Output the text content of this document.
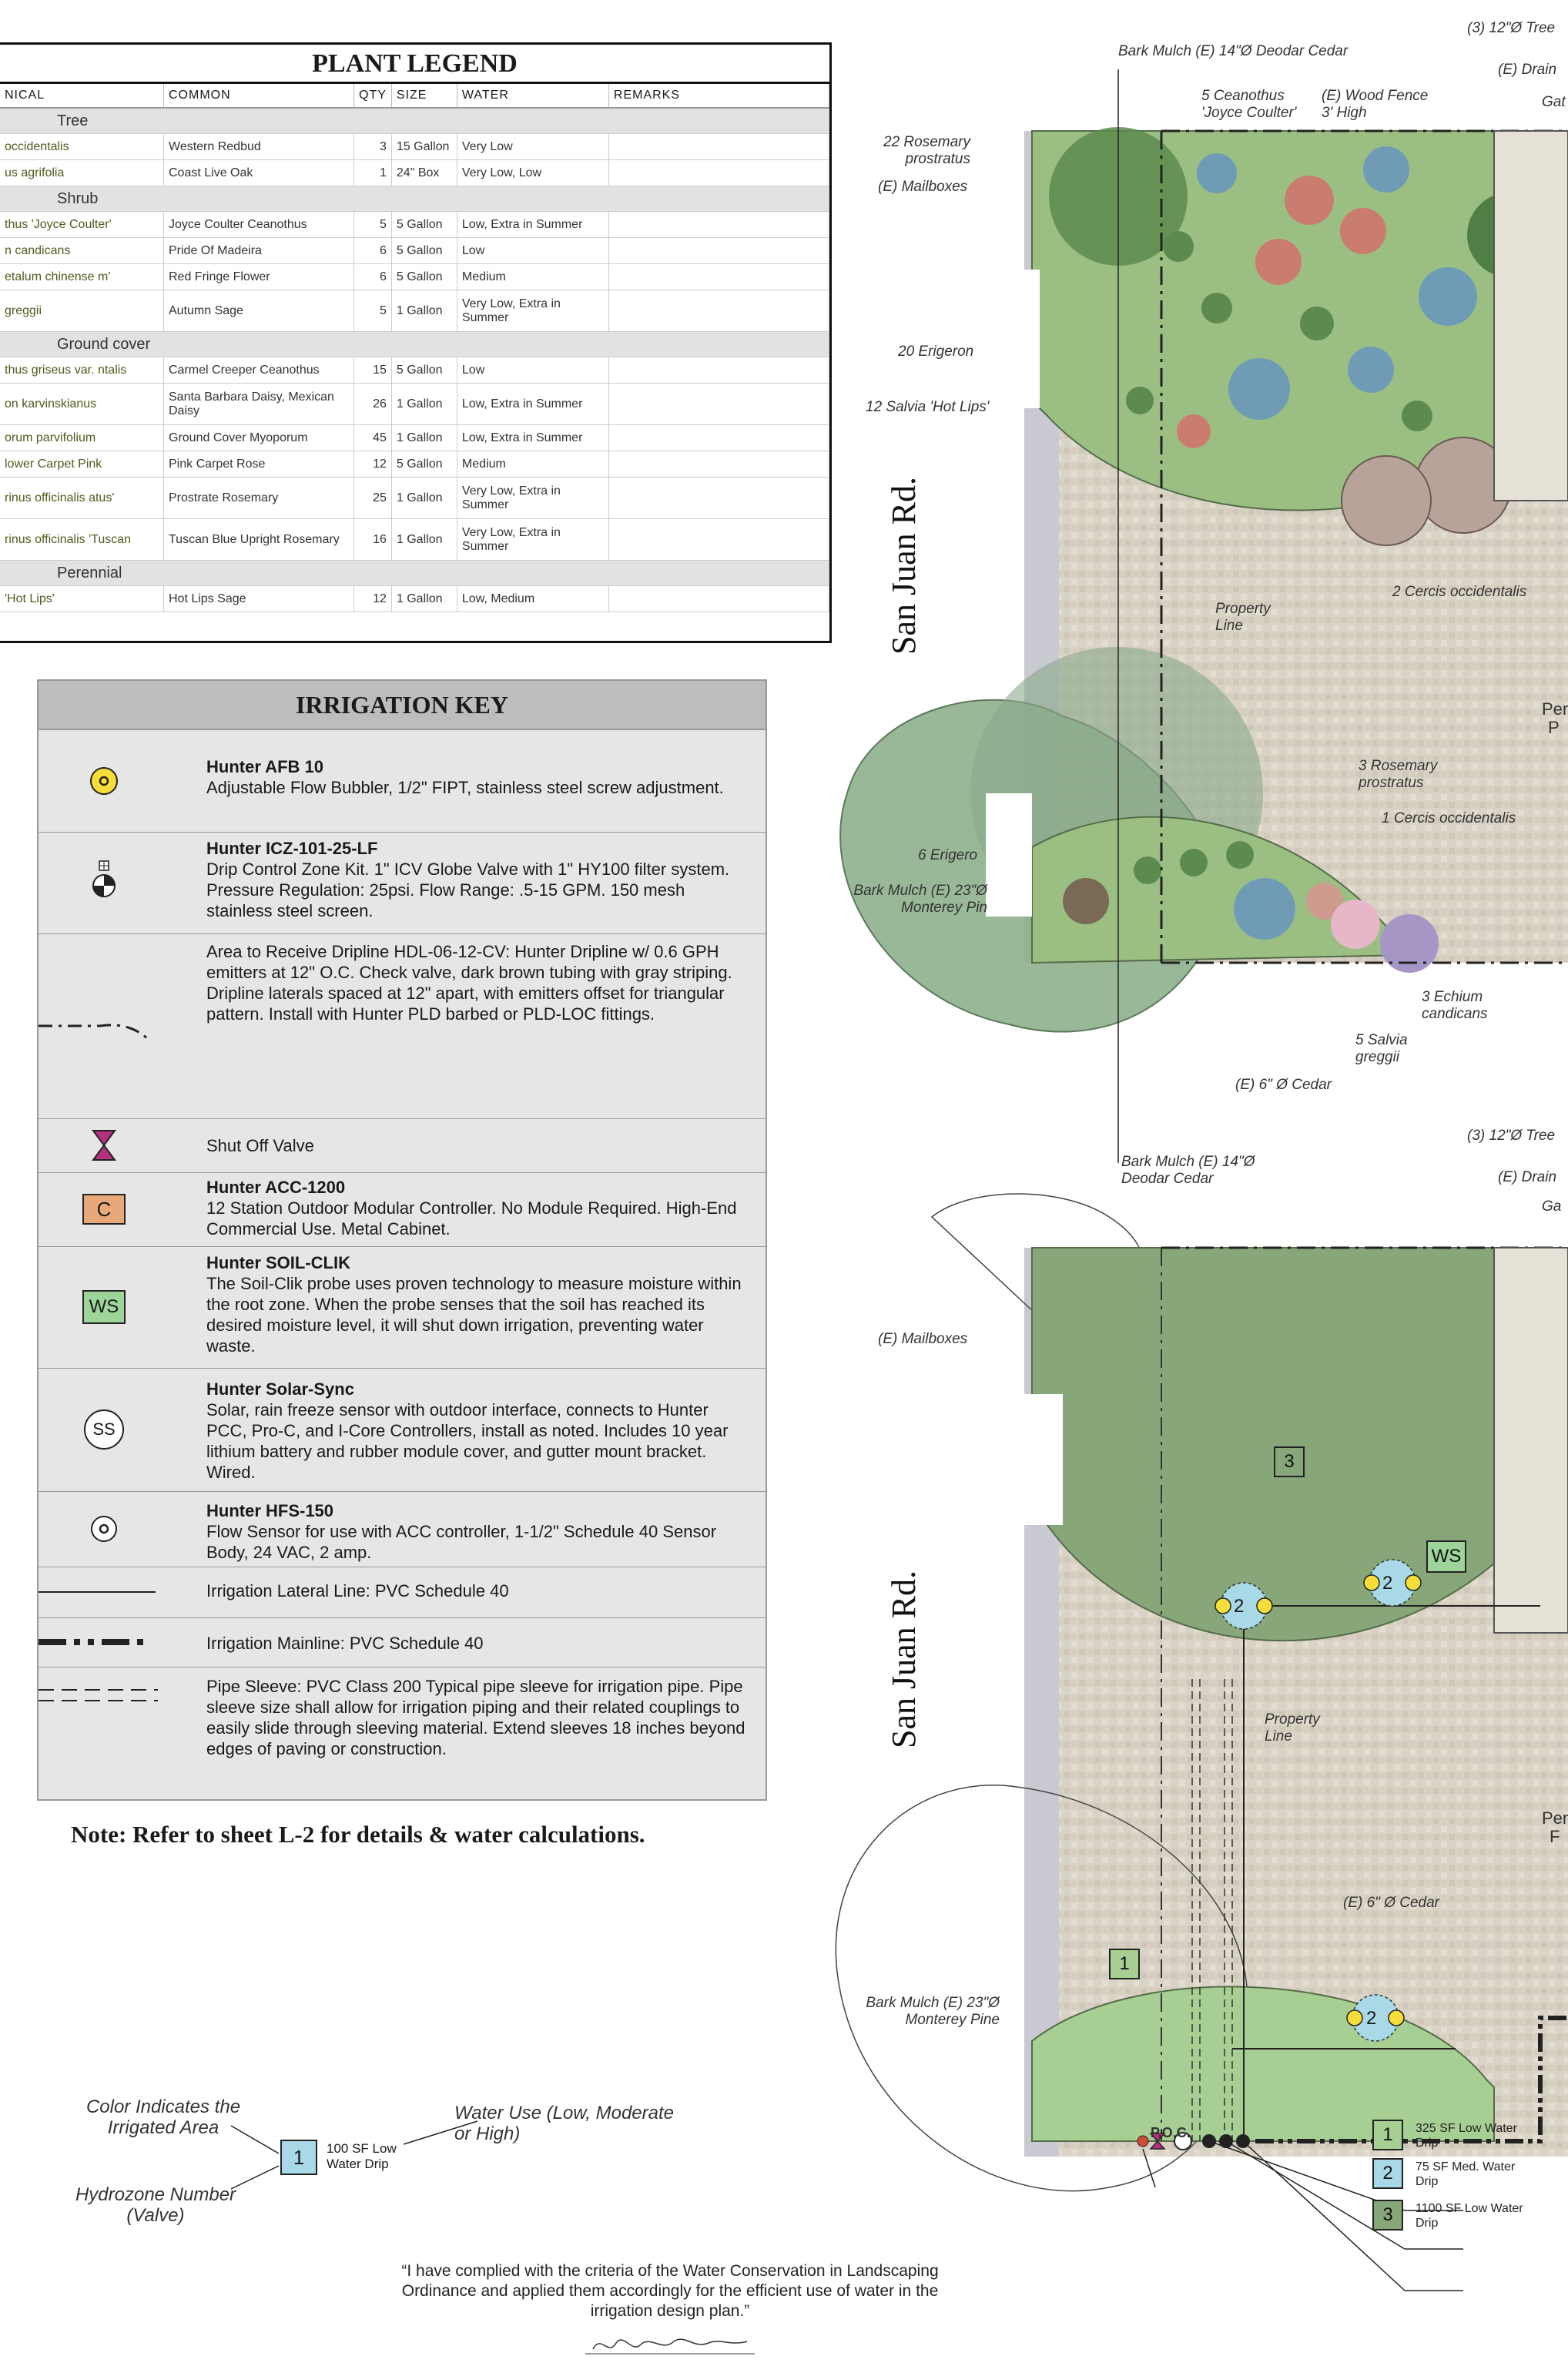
PLANT LEGEND
NICAL	COMMON	QTY	SIZE	WATER	REMARKS
Tree					
occidentalis	Western Redbud	3	15 Gallon	Very Low	
us agrifolia	Coast Live Oak	1	24" Box	Very Low, Low	
Shrub					
thus 'Joyce Coulter'	Joyce Coulter Ceanothus	5	5 Gallon	Low, Extra in Summer	
n candicans	Pride Of Madeira	6	5 Gallon	Low	
etalum chinense m'	Red Fringe Flower	6	5 Gallon	Medium	
greggii	Autumn Sage	5	1 Gallon	Very Low, Extra in Summer	
Ground cover					
thus griseus var. ntalis	Carmel Creeper Ceanothus	15	5 Gallon	Low	
on karvinskianus	Santa Barbara Daisy, Mexican Daisy	26	1 Gallon	Low, Extra in Summer	
orum parvifolium	Ground Cover Myoporum	45	1 Gallon	Low, Extra in Summer	
lower Carpet Pink	Pink Carpet Rose	12	5 Gallon	Medium	
rinus officinalis atus'	Prostrate Rosemary	25	1 Gallon	Very Low, Extra in Summer	
rinus officinalis 'Tuscan	Tuscan Blue Upright Rosemary	16	1 Gallon	Very Low, Extra in Summer	
Perennial					
'Hot Lips'	Hot Lips Sage	12	1 Gallon	Low, Medium	
IRRIGATION KEY
Hunter AFB 10
Adjustable Flow Bubbler, 1/2" FIPT, stainless steel screw adjustment.
Hunter ICZ-101-25-LF
Drip Control Zone Kit. 1" ICV Globe Valve with 1" HY100 filter system. Pressure Regulation: 25psi. Flow Range: .5-15 GPM. 150 mesh stainless steel screen.
Area to Receive Dripline HDL-06-12-CV: Hunter Dripline w/ 0.6 GPH emitters at 12" O.C. Check valve, dark brown tubing with gray striping. Dripline laterals spaced at 12" apart, with emitters offset for triangular pattern. Install with Hunter PLD barbed or PLD-LOC fittings.
Shut Off Valve
C
Hunter ACC-1200
12 Station Outdoor Modular Controller. No Module Required. High-End Commercial Use. Metal Cabinet.
WS
Hunter SOIL-CLIK
The Soil-Clik probe uses proven technology to measure moisture within the root zone. When the probe senses that the soil has reached its desired moisture level, it will shut down irrigation, preventing water waste.
SS
Hunter Solar-Sync
Solar, rain freeze sensor with outdoor interface, connects to Hunter PCC, Pro-C, and I-Core Controllers, install as noted. Includes 10 year lithium battery and rubber module cover, and gutter mount bracket. Wired.
Hunter HFS-150
Flow Sensor for use with ACC controller, 1-1/2" Schedule 40 Sensor Body, 24 VAC, 2 amp.
Irrigation Lateral Line: PVC Schedule 40
Irrigation Mainline: PVC Schedule 40
Pipe Sleeve: PVC Class 200 Typical pipe sleeve for irrigation pipe. Pipe sleeve size shall allow for irrigation piping and their related couplings to easily slide through sleeving material. Extend sleeves 18 inches beyond edges of paving or construction.
Note: Refer to sheet L-2 for details & water calculations.
Color Indicates the Irrigated Area
Hydrozone Number (Valve)
Water Use (Low, Moderate or High)
1	100 SF Low Water Drip
San Juan Rd.
Bark Mulch (E) 14"Ø Deodar Cedar
(3) 12"Ø Tree
(E) Drain
Gat
5 Ceanothus 'Joyce Coulter'
(E) Wood Fence 3' High
22 Rosemary prostratus
(E) Mailboxes
20 Erigeron
12 Salvia 'Hot Lips'
2 Cercis occidentalis
Property Line
Per
P
3 Rosemary prostratus
1 Cercis occidentalis
6 Erigero
Bark Mulch (E) 23"Ø Monterey Pin
3 Echium candicans
5 Salvia greggii
(E) 6" Ø Cedar
Bark Mulch (E) 14"Ø Deodar Cedar
San Juan Rd.
(3) 12"Ø Tree
(E) Drain
Ga
(E) Mailboxes
Property Line
Per
F
(E) 6" Ø Cedar
Bark Mulch (E) 23"Ø Monterey Pine
P.O.C.
WS
3
2
2
1
2
1	325 SF Low Water Drip
2	75 SF Med. Water Drip
3	1100 SF Low Water Drip
“I have complied with the criteria of the Water Conservation in Landscaping Ordinance and applied them accordingly for the efficient use of water in the irrigation design plan.”
